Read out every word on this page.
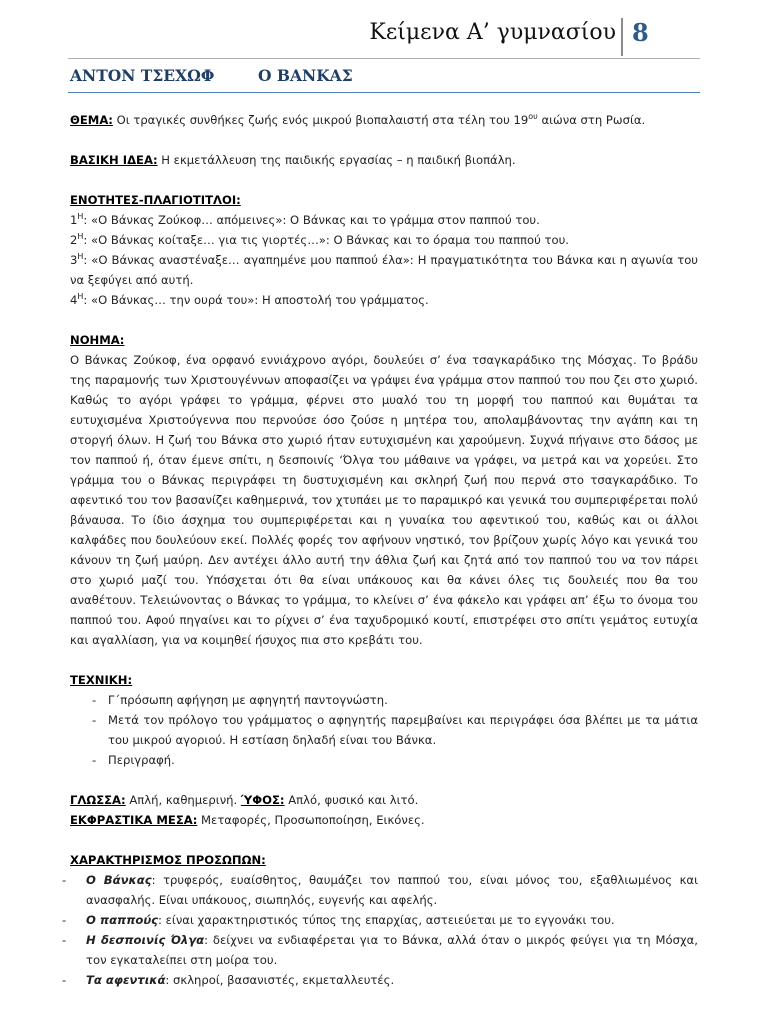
Κείμενα Α’ γυμνασίου 8
ΑΝΤΟΝ ΤΣΕΧΩΦ	Ο ΒΑΝΚΑΣ

ΘΕΜΑ: Οι τραγικές συνθήκες ζωής ενός μικρού βιοπαλαιστή στα τέλη του $19^{o\upsilon}$ αιώνα στη Ρωσία.

ΒΑΣΙΚΗ ΙΔΕΑ: Η εκμετάλλευση της παιδικής εργασίας – η παιδική βιοπάλη.

ΕΝΟΤΗΤΕΣ-ΠΛΑΓΙΟΤΙΤΛΟΙ:

$1^H$: «Ο Βάνκας Ζούκοφ… απόμεινες»: Ο Βάνκας και το γράμμα στον παππού του.

$2^H$: «Ο Βάνκας κοίταξε… για τις γιορτές…»: Ο Βάνκας και το όραμα του παππού του.

$3^H$: «Ο Βάνκας αναστέναξε… αγαπημένε μου παππού έλα»: Η πραγματικότητα του Βάνκα και η αγωνία του να ξεφύγει από αυτή.

$4^H$: «Ο Βάνκας… την ουρά του»: Η αποστολή του γράμματος.

ΝΟΗΜΑ:

Ο Βάνκας Ζούκοφ, ένα ορφανό εννιάχρονο αγόρι, δουλεύει σ’ ένα τσαγκαράδικο της Μόσχας. Το βράδυ της παραμονής των Χριστουγέννων αποφασίζει να γράψει ένα γράμμα στον παππού του που ζει στο χωριό. Καθώς το αγόρι γράφει το γράμμα, φέρνει στο μυαλό του τη μορφή του παππού και θυμάται τα ευτυχισμένα Χριστούγεννα που περνούσε όσο ζούσε η μητέρα του, απολαμβάνοντας την αγάπη και τη στοργή όλων. Η ζωή του Βάνκα στο χωριό ήταν ευτυχισμένη και χαρούμενη. Συχνά πήγαινε στο δάσος με τον παππού ή, όταν έμενε σπίτι, η δεσποινίς ‘Όλγα του μάθαινε να γράφει, να μετρά και να χορεύει. Στο γράμμα του ο Βάνκας περιγράφει τη δυστυχισμένη και σκληρή ζωή που περνά στο τσαγκαράδικο. Το αφεντικό του τον βασανίζει καθημερινά, τον χτυπάει με το παραμικρό και γενικά του συμπεριφέρεται πολύ βάναυσα. Το ίδιο άσχημα του συμπεριφέρεται και η γυναίκα του αφεντικού του, καθώς και οι άλλοι καλφάδες που δουλεύουν εκεί. Πολλές φορές τον αφήνουν νηστικό, τον βρίζουν χωρίς λόγο και γενικά του κάνουν τη ζωή μαύρη. Δεν αντέχει άλλο αυτή την άθλια ζωή και ζητά από τον παππού του να τον πάρει στο χωριό μαζί του. Υπόσχεται ότι θα είναι υπάκουος και θα κάνει όλες τις δουλειές που θα του αναθέτουν. Τελειώνοντας ο Βάνκας το γράμμα, το κλείνει σ’ ένα φάκελο και γράφει απ’ έξω το όνομα του παππού του. Αφού πηγαίνει και το ρίχνει σ’ ένα ταχυδρομικό κουτί, επιστρέφει στο σπίτι γεμάτος ευτυχία και αγαλλίαση, για να κοιμηθεί ήσυχος πια στο κρεβάτι του.

ΤΕΧΝΙΚΗ:

- Γ΄πρόσωπη αφήγηση με αφηγητή παντογνώστη.
- Μετά τον πρόλογο του γράμματος ο αφηγητής παρεμβαίνει και περιγράφει όσα βλέπει με τα μάτια του μικρού αγοριού. Η εστίαση δηλαδή είναι του Βάνκα.
- Περιγραφή.

ΓΛΩΣΣΑ: Απλή, καθημερινή. ΎΦΟΣ: Απλό, φυσικό και λιτό.

ΕΚΦΡΑΣΤΙΚΑ ΜΕΣΑ: Μεταφορές, Προσωποποίηση, Εικόνες.

ΧΑΡΑΚΤΗΡΙΣΜΟΣ ΠΡΟΣΩΠΩΝ:

- Ο Βάνκας: τρυφερός, ευαίσθητος, θαυμάζει τον παππού του, είναι μόνος του, εξαθλιωμένος και ανασφαλής. Είναι υπάκουος, σιωπηλός, ευγενής και αφελής.
- Ο παππούς: είναι χαρακτηριστικός τύπος της επαρχίας, αστειεύεται με το εγγονάκι του.
- Η δεσποινίς Όλγα: δείχνει να ενδιαφέρεται για το Βάνκα, αλλά όταν ο μικρός φεύγει για τη Μόσχα, τον εγκαταλείπει στη μοίρα του.
- Τα αφεντικά: σκληροί, βασανιστές, εκμεταλλευτές.
